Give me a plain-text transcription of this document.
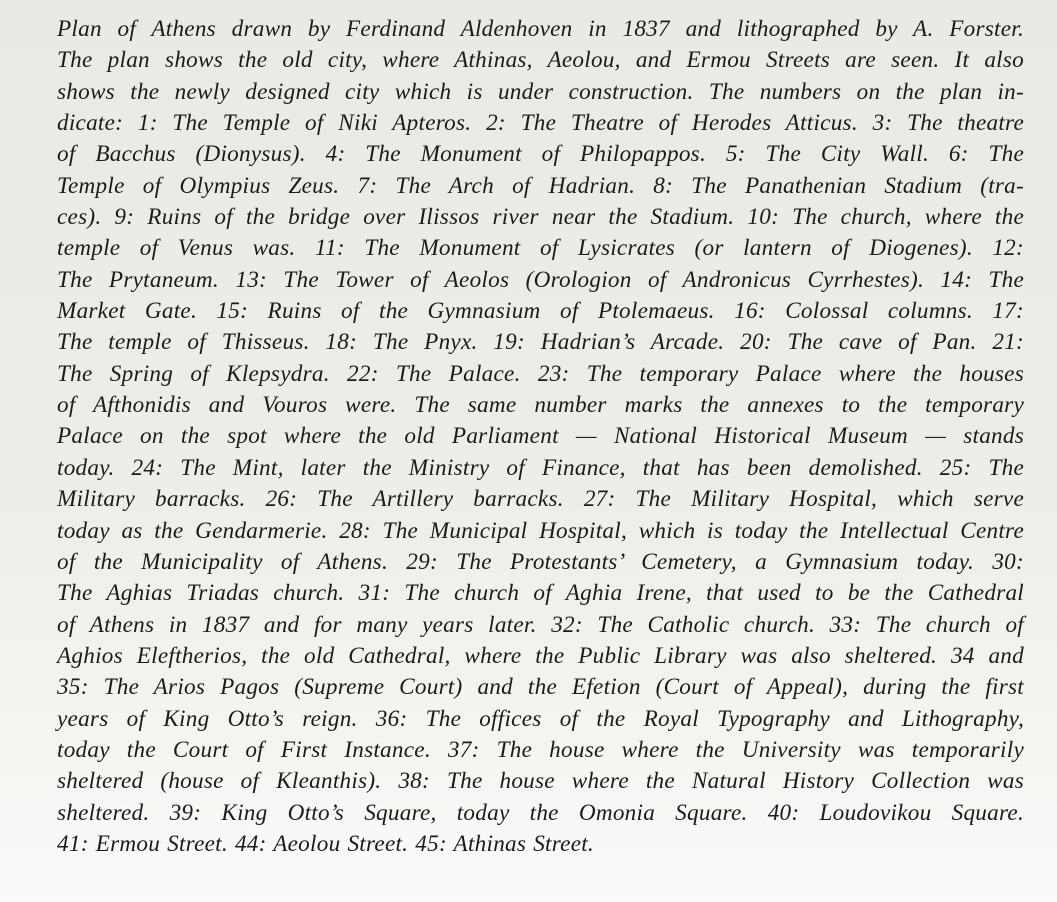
Plan of Athens drawn by Ferdinand Aldenhoven in 1837 and lithographed by A. Forster.
The plan shows the old city, where Athinas, Aeolou, and Ermou Streets are seen. It also
shows the newly designed city which is under construction. The numbers on the plan in-
dicate: 1: The Temple of Niki Apteros. 2: The Theatre of Herodes Atticus. 3: The theatre
of Bacchus (Dionysus). 4: The Monument of Philopappos. 5: The City Wall. 6: The
Temple of Olympius Zeus. 7: The Arch of Hadrian. 8: The Panathenian Stadium (tra-
ces). 9: Ruins of the bridge over Ilissos river near the Stadium. 10: The church, where the
temple of Venus was. 11: The Monument of Lysicrates (or lantern of Diogenes). 12:
The Prytaneum. 13: The Tower of Aeolos (Orologion of Andronicus Cyrrhestes). 14: The
Market Gate. 15: Ruins of the Gymnasium of Ptolemaeus. 16: Colossal columns. 17:
The temple of Thisseus. 18: The Pnyx. 19: Hadrian’s Arcade. 20: The cave of Pan. 21:
The Spring of Klepsydra. 22: The Palace. 23: The temporary Palace where the houses
of Afthonidis and Vouros were. The same number marks the annexes to the temporary
Palace on the spot where the old Parliament — National Historical Museum — stands
today. 24: The Mint, later the Ministry of Finance, that has been demolished. 25: The
Military barracks. 26: The Artillery barracks. 27: The Military Hospital, which serve
today as the Gendarmerie. 28: The Municipal Hospital, which is today the Intellectual Centre
of the Municipality of Athens. 29: The Protestants’ Cemetery, a Gymnasium today. 30:
The Aghias Triadas church. 31: The church of Aghia Irene, that used to be the Cathedral
of Athens in 1837 and for many years later. 32: The Catholic church. 33: The church of
Aghios Eleftherios, the old Cathedral, where the Public Library was also sheltered. 34 and
35: The Arios Pagos (Supreme Court) and the Efetion (Court of Appeal), during the first
years of King Otto’s reign. 36: The offices of the Royal Typography and Lithography,
today the Court of First Instance. 37: The house where the University was temporarily
sheltered (house of Kleanthis). 38: The house where the Natural History Collection was
sheltered. 39: King Otto’s Square, today the Omonia Square. 40: Loudovikou Square.
41: Ermou Street. 44: Aeolou Street. 45: Athinas Street.
